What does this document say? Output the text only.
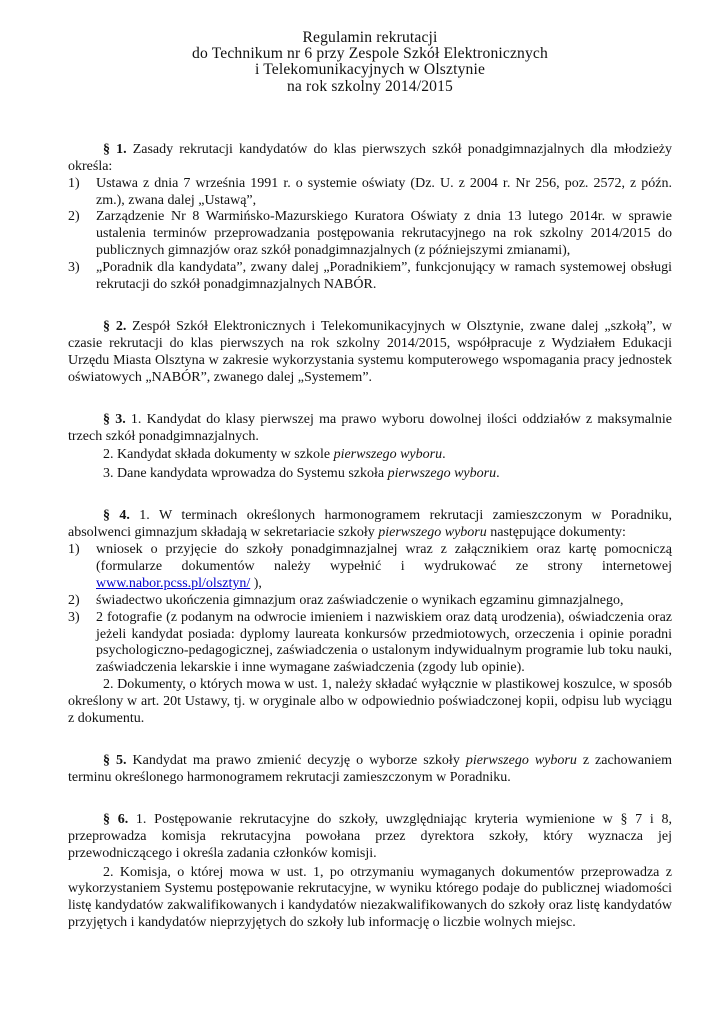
Regulamin rekrutacji
do Technikum nr 6 przy Zespole Szkół Elektronicznych
i Telekomunikacyjnych w Olsztynie
na rok szkolny 2014/2015

§ 1. Zasady rekrutacji kandydatów do klas pierwszych szkół ponadgimnazjalnych dla młodzieży określa:

1) Ustawa z dnia 7 września 1991 r. o systemie oświaty (Dz. U. z 2004 r. Nr 256, poz. 2572, z późn. zm.), zwana dalej „Ustawą”,
2) Zarządzenie Nr 8 Warmińsko-Mazurskiego Kuratora Oświaty z dnia 13 lutego 2014r. w sprawie ustalenia terminów przeprowadzania postępowania rekrutacyjnego na rok szkolny 2014/2015 do publicznych gimnazjów oraz szkół ponadgimnazjalnych (z późniejszymi zmianami),
3) „Poradnik dla kandydata”, zwany dalej „Poradnikiem”, funkcjonujący w ramach systemowej obsługi rekrutacji do szkół ponadgimnazjalnych NABÓR.

§ 2. Zespół Szkół Elektronicznych i Telekomunikacyjnych w Olsztynie, zwane dalej „szkołą”, w czasie rekrutacji do klas pierwszych na rok szkolny 2014/2015, współpracuje z Wydziałem Edukacji Urzędu Miasta Olsztyna w zakresie wykorzystania systemu komputerowego wspomagania pracy jednostek oświatowych „NABÓR”, zwanego dalej „Systemem”.

§ 3. 1. Kandydat do klasy pierwszej ma prawo wyboru dowolnej ilości oddziałów z maksymalnie trzech szkół ponadgimnazjalnych.

2. Kandydat składa dokumenty w szkole pierwszego wyboru.

3. Dane kandydata wprowadza do Systemu szkoła pierwszego wyboru.

§ 4. 1. W terminach określonych harmonogramem rekrutacji zamieszczonym w Poradniku, absolwenci gimnazjum składają w sekretariacie szkoły pierwszego wyboru następujące dokumenty:

1) wniosek o przyjęcie do szkoły ponadgimnazjalnej wraz z załącznikiem oraz kartę pomocniczą (formularze dokumentów należy wypełnić i wydrukować ze strony internetowej www.nabor.pcss.pl/olsztyn/ ),
2) świadectwo ukończenia gimnazjum oraz zaświadczenie o wynikach egzaminu gimnazjalnego,
3) 2 fotografie (z podanym na odwrocie imieniem i nazwiskiem oraz datą urodzenia), oświadczenia oraz jeżeli kandydat posiada: dyplomy laureata konkursów przedmiotowych, orzeczenia i opinie poradni psychologiczno-pedagogicznej, zaświadczenia o ustalonym indywidualnym programie lub toku nauki, zaświadczenia lekarskie i inne wymagane zaświadczenia (zgody lub opinie).

2. Dokumenty, o których mowa w ust. 1, należy składać wyłącznie w plastikowej koszulce, w sposób określony w art. 20t Ustawy, tj. w oryginale albo w odpowiednio poświadczonej kopii, odpisu lub wyciągu z dokumentu.

§ 5. Kandydat ma prawo zmienić decyzję o wyborze szkoły pierwszego wyboru z zachowaniem terminu określonego harmonogramem rekrutacji zamieszczonym w Poradniku.

§ 6. 1. Postępowanie rekrutacyjne do szkoły, uwzględniając kryteria wymienione w § 7 i 8, przeprowadza komisja rekrutacyjna powołana przez dyrektora szkoły, który wyznacza jej przewodniczącego i określa zadania członków komisji.

2. Komisja, o której mowa w ust. 1, po otrzymaniu wymaganych dokumentów przeprowadza z wykorzystaniem Systemu postępowanie rekrutacyjne, w wyniku którego podaje do publicznej wiadomości listę kandydatów zakwalifikowanych i kandydatów niezakwalifikowanych do szkoły oraz listę kandydatów przyjętych i kandydatów nieprzyjętych do szkoły lub informację o liczbie wolnych miejsc.
